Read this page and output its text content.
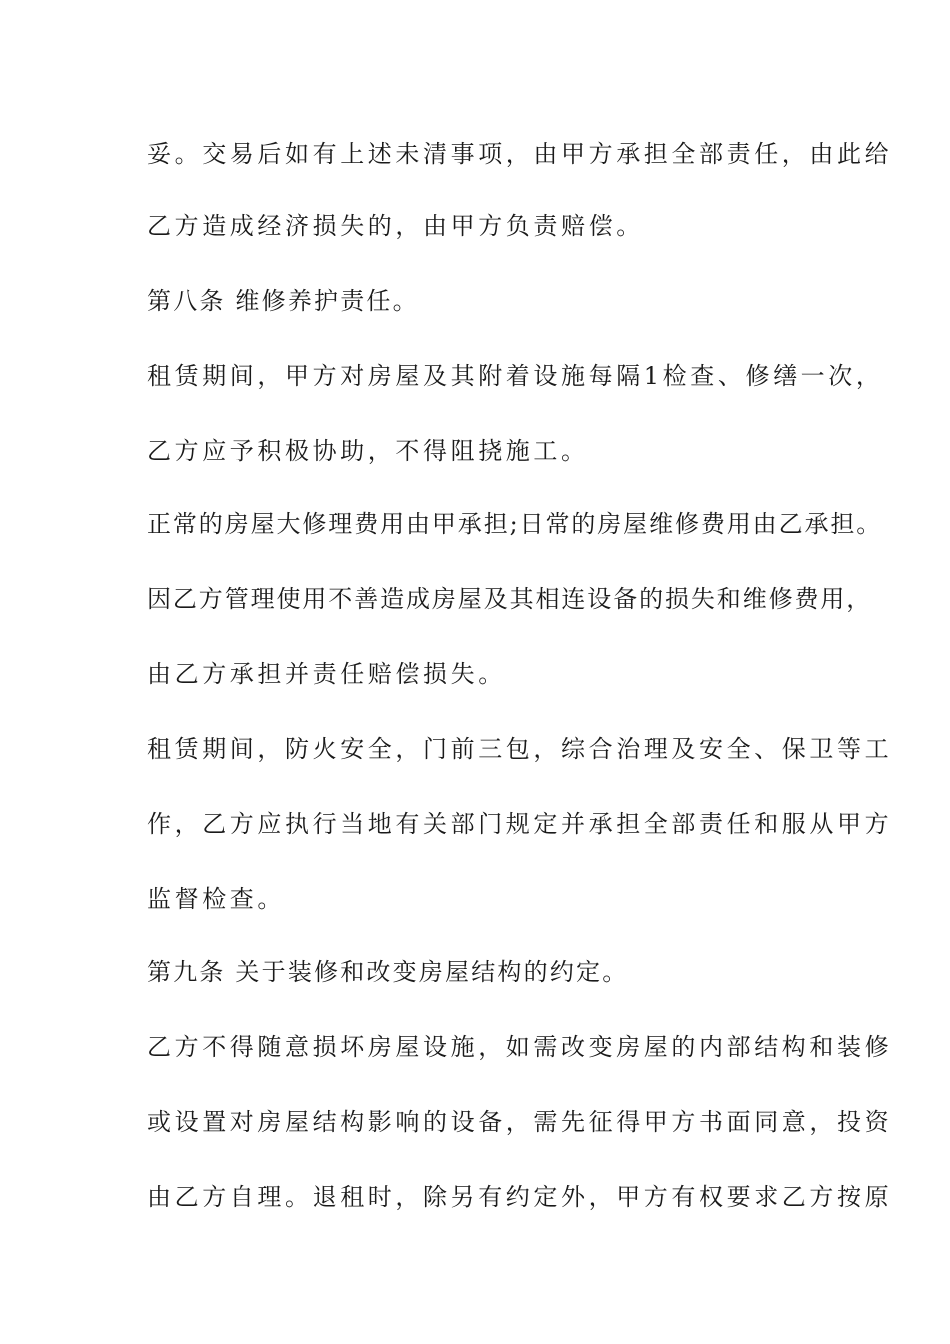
妥。交易后如有上述未清事项，由甲方承担全部责任，由此给
乙方造成经济损失的，由甲方负责赔偿。
第八条 维修养护责任。
租赁期间，甲方对房屋及其附着设施每隔1检查、修缮一次，
乙方应予积极协助，不得阻挠施工。
正常的房屋大修理费用由甲承担;日常的房屋维修费用由乙承担。
因乙方管理使用不善造成房屋及其相连设备的损失和维修费用，
由乙方承担并责任赔偿损失。
租赁期间，防火安全，门前三包，综合治理及安全、保卫等工
作，乙方应执行当地有关部门规定并承担全部责任和服从甲方
监督检查。
第九条 关于装修和改变房屋结构的约定。
乙方不得随意损坏房屋设施，如需改变房屋的内部结构和装修
或设置对房屋结构影响的设备，需先征得甲方书面同意，投资
由乙方自理。退租时，除另有约定外，甲方有权要求乙方按原
